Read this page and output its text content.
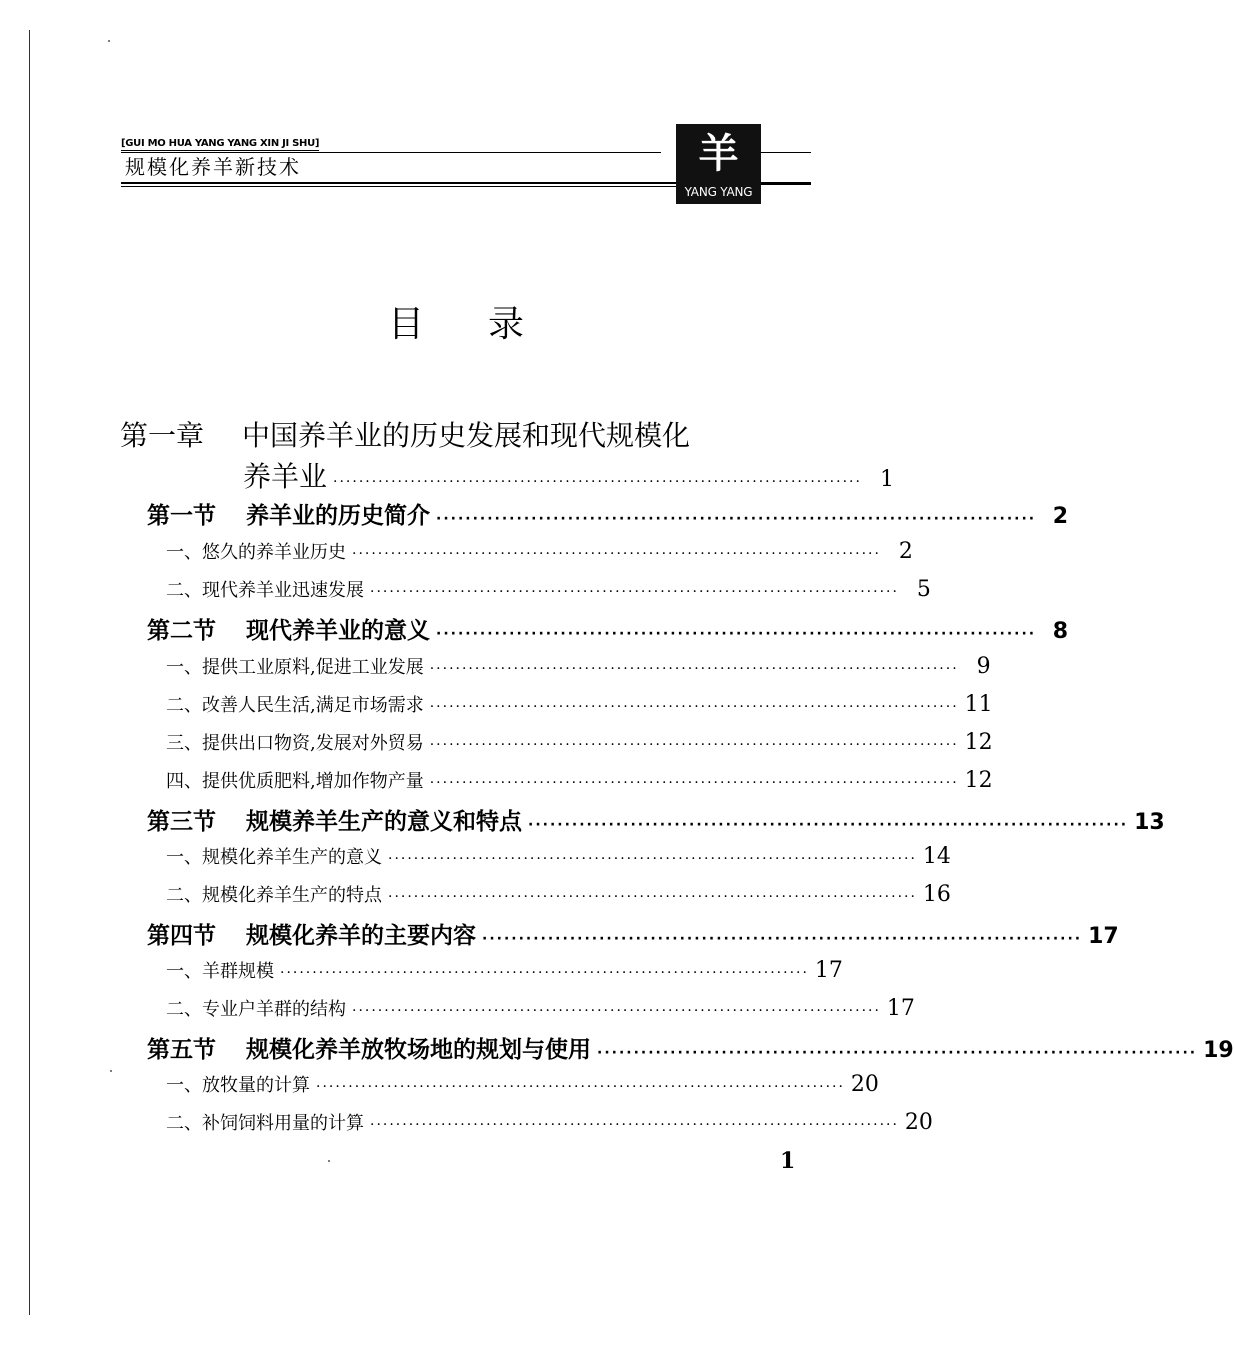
[GUI MO HUA YANG YANG XIN JI SHU]
规模化养羊新技术	羊
YANG YANG
目录
第一章 中国养羊业的历史发展和现代规模化
养羊业 ·················································································· 1
第一节 养羊业的历史简介 ·················································································· 2
一、悠久的养羊业历史 ·················································································· 2
二、现代养羊业迅速发展 ·················································································· 5
第二节 现代养羊业的意义 ·················································································· 8
一、提供工业原料,促进工业发展 ·················································································· 9
二、改善人民生活,满足市场需求 ·················································································· 11
三、提供出口物资,发展对外贸易 ·················································································· 12
四、提供优质肥料,增加作物产量 ·················································································· 12
第三节 规模养羊生产的意义和特点 ·················································································· 13
一、规模化养羊生产的意义 ·················································································· 14
二、规模化养羊生产的特点 ·················································································· 16
第四节 规模化养羊的主要内容 ·················································································· 17
一、羊群规模 ·················································································· 17
二、专业户羊群的结构 ·················································································· 17
第五节 规模化养羊放牧场地的规划与使用 ·················································································· 19
一、放牧量的计算 ·················································································· 20
二、补饲饲料用量的计算 ·················································································· 20
1
